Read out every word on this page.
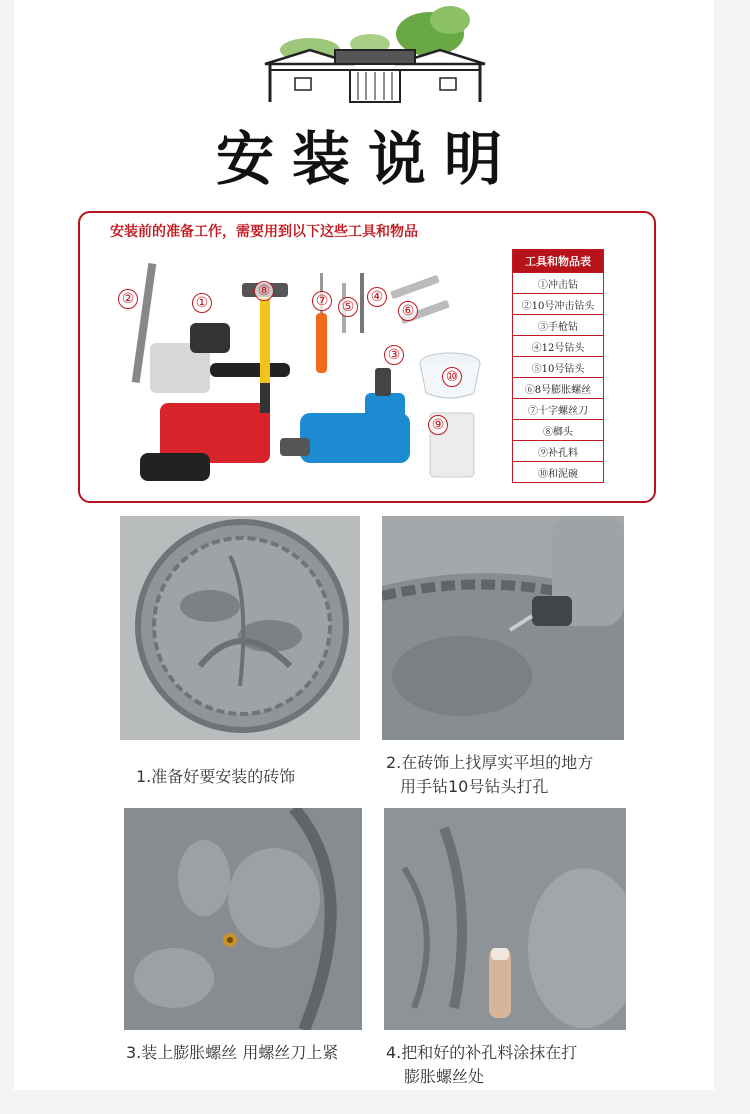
安装说明
安装前的准备工作，需要用到以下这些工具和物品
②	①
⑧
⑦ ⑤
④
⑥
③
⑩
⑨
工具和物品表
①冲击钻
②10号冲击钻头
③手枪钻
④12号钻头
⑤10号钻头
⑥8号膨胀螺丝
⑦十字螺丝刀
⑧榔头
⑨补孔料
⑩和泥碗
1.准备好要安装的砖饰
2.在砖饰上找厚实平坦的地方
用手钻10号钻头打孔
3.装上膨胀螺丝 用螺丝刀上紧	4.把和好的补孔料涂抹在打
膨胀螺丝处
